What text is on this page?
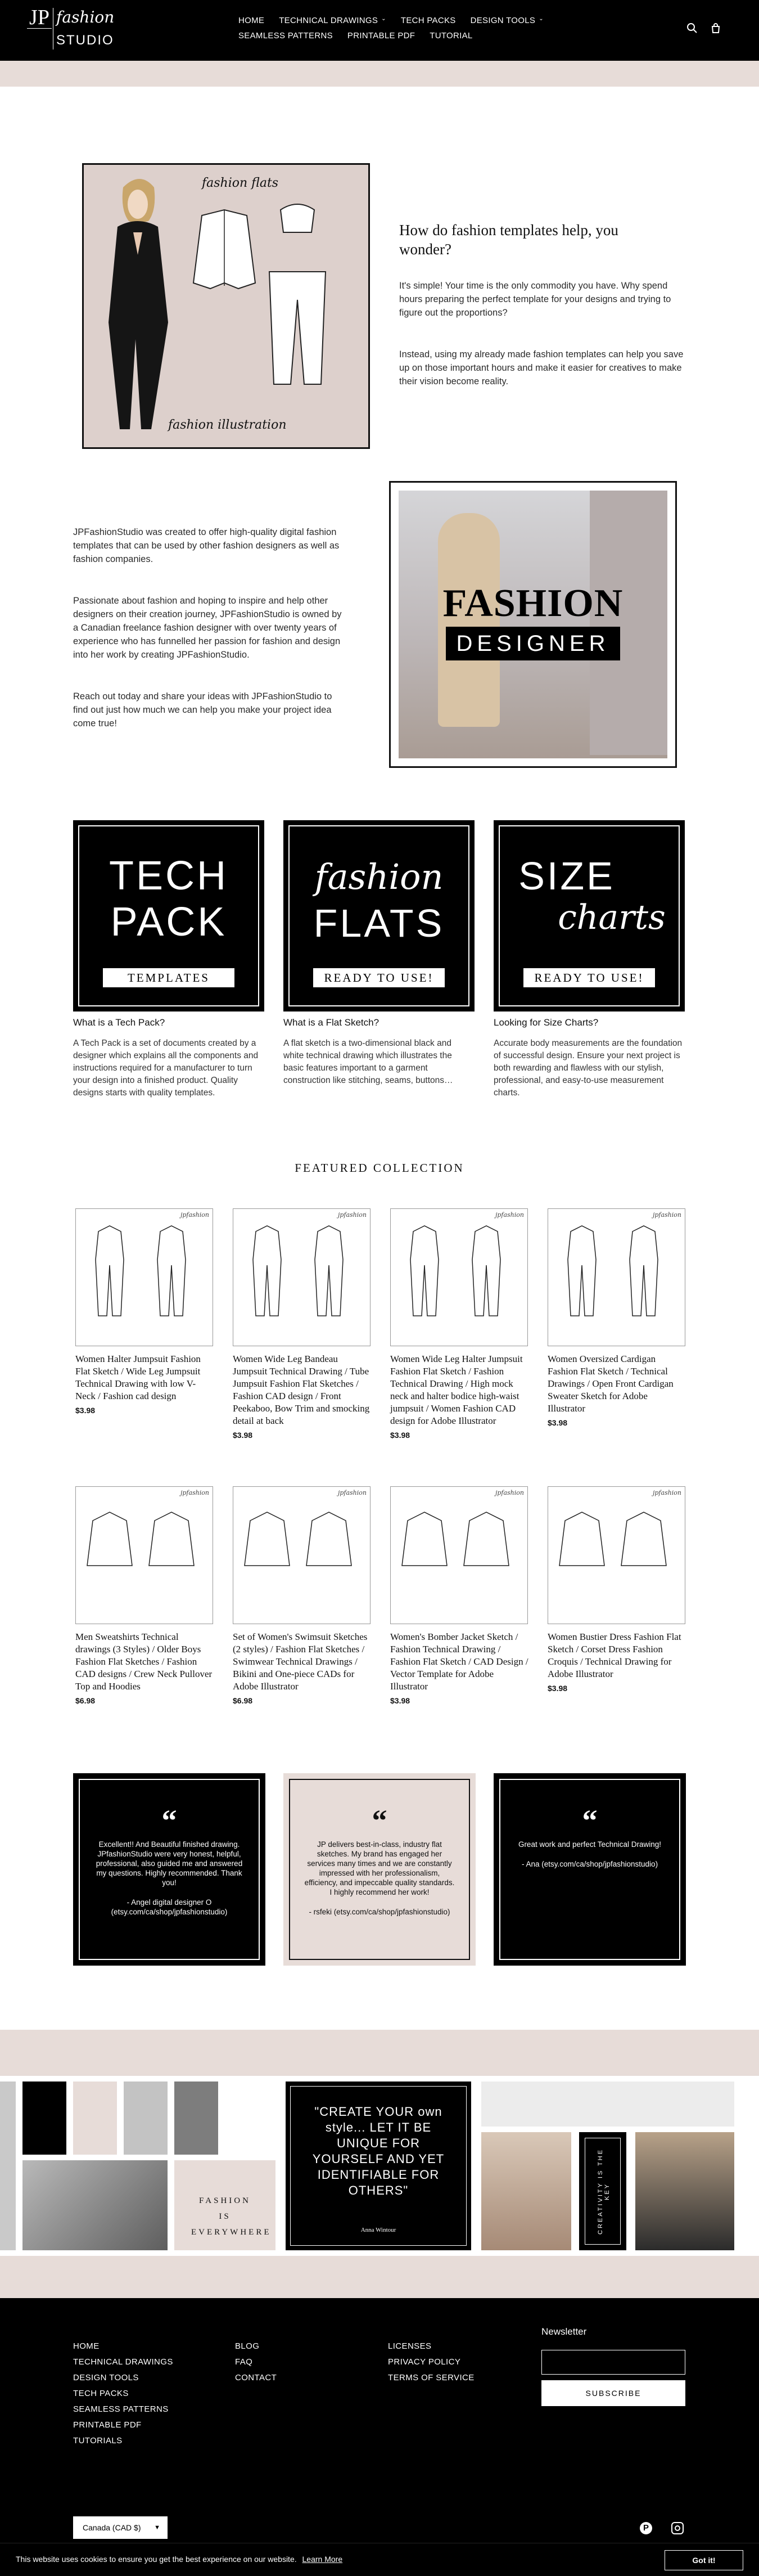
JP fashion
STUDIO
HOME TECHNICAL DRAWINGS ⌄ TECH PACKS DESIGN TOOLS ⌄
SEAMLESS PATTERNS PRINTABLE PDF TUTORIAL
fashion flats
fashion illustration
How do fashion templates help, you wonder?

It's simple! Your time is the only commodity you have. Why spend hours preparing the perfect template for your designs and trying to figure out the proportions?

Instead, using my already made fashion templates can help you save up on those important hours and make it easier for creatives to make their vision become reality.

JPFashionStudio was created to offer high-quality digital fashion templates that can be used by other fashion designers as well as fashion companies.

Passionate about fashion and hoping to inspire and help other designers on their creation journey, JPFashionStudio is owned by a Canadian freelance fashion designer with over twenty years of experience who has funnelled her passion for fashion and design into her work by creating JPFashionStudio.

Reach out today and share your ideas with JPFashionStudio to find out just how much we can help you make your project idea come true!

FASHION
DESIGNER
TECH
PACK
TEMPLATES
fashion
FLATS
READY TO USE!
SIZE
charts
READY TO USE!
What is a Tech Pack?	What is a Flat Sketch?	Looking for Size Charts?
A Tech Pack is a set of documents created by a designer which explains all the components and instructions required for a manufacturer to turn your design into a finished product. Quality designs starts with quality templates.
A flat sketch is a two-dimensional black and white technical drawing which illustrates the basic features important to a garment construction like stitching, seams, buttons…
Accurate body measurements are the foundation of successful design. Ensure your next project is both rewarding and flawless with our stylish, professional, and easy-to-use measurement charts.
FEATURED COLLECTION
jpfashion
Women Halter Jumpsuit Fashion Flat Sketch / Wide Leg Jumpsuit Technical Drawing with low V-Neck / Fashion cad design
$3.98
jpfashion
Women Wide Leg Bandeau Jumpsuit Technical Drawing / Tube Jumpsuit Fashion Flat Sketches / Fashion CAD design / Front Peekaboo, Bow Trim and smocking detail at back
$3.98
jpfashion
Women Wide Leg Halter Jumpsuit Fashion Flat Sketch / Fashion Technical Drawing / High mock neck and halter bodice high-waist jumpsuit / Women Fashion CAD design for Adobe Illustrator
$3.98
jpfashion
Women Oversized Cardigan Fashion Flat Sketch / Technical Drawings / Open Front Cardigan Sweater Sketch for Adobe Illustrator
$3.98
jpfashion
Men Sweatshirts Technical drawings (3 Styles) / Older Boys Fashion Flat Sketches / Fashion CAD designs / Crew Neck Pullover Top and Hoodies
$6.98
jpfashion
Set of Women's Swimsuit Sketches (2 styles) / Fashion Flat Sketches / Swimwear Technical Drawings / Bikini and One-piece CADs for Adobe Illustrator
$6.98
jpfashion
Women's Bomber Jacket Sketch / Fashion Technical Drawing / Fashion Flat Sketch / CAD Design / Vector Template for Adobe Illustrator
$3.98
jpfashion
Women Bustier Dress Fashion Flat Sketch / Corset Dress Fashion Croquis / Technical Drawing for Adobe Illustrator
$3.98
“
Excellent!! And Beautiful finished drawing. JPfashionStudio were very honest, helpful, professional, also guided me and answered my questions. Highly recommended. Thank you!
- Angel digital designer O (etsy.com/ca/shop/jpfashionstudio)
“
JP delivers best-in-class, industry flat sketches. My brand has engaged her services many times and we are constantly impressed with her professionalism, efficiency, and impeccable quality standards. I highly recommend her work!
- rsfeki (etsy.com/ca/shop/jpfashionstudio)
“
Great work and perfect Technical Drawing!
- Ana (etsy.com/ca/shop/jpfashionstudio)
FASHION IS EVERYWHERE
"CREATE YOUR own style... LET IT BE UNIQUE FOR YOURSELF AND YET IDENTIFIABLE FOR OTHERS"
Anna Wintour	CREATIVITY IS THE KEY
HOME
TECHNICAL DRAWINGS
DESIGN TOOLS
TECH PACKS
SEAMLESS PATTERNS
PRINTABLE PDF
TUTORIALS
BLOG
FAQ
CONTACT
LICENSES
PRIVACY POLICY
TERMS OF SERVICE
Newsletter
SUBSCRIBE
Canada (CAD $) ▼	P
This website uses cookies to ensure you get the best experience on our website. Learn More	Got it!
